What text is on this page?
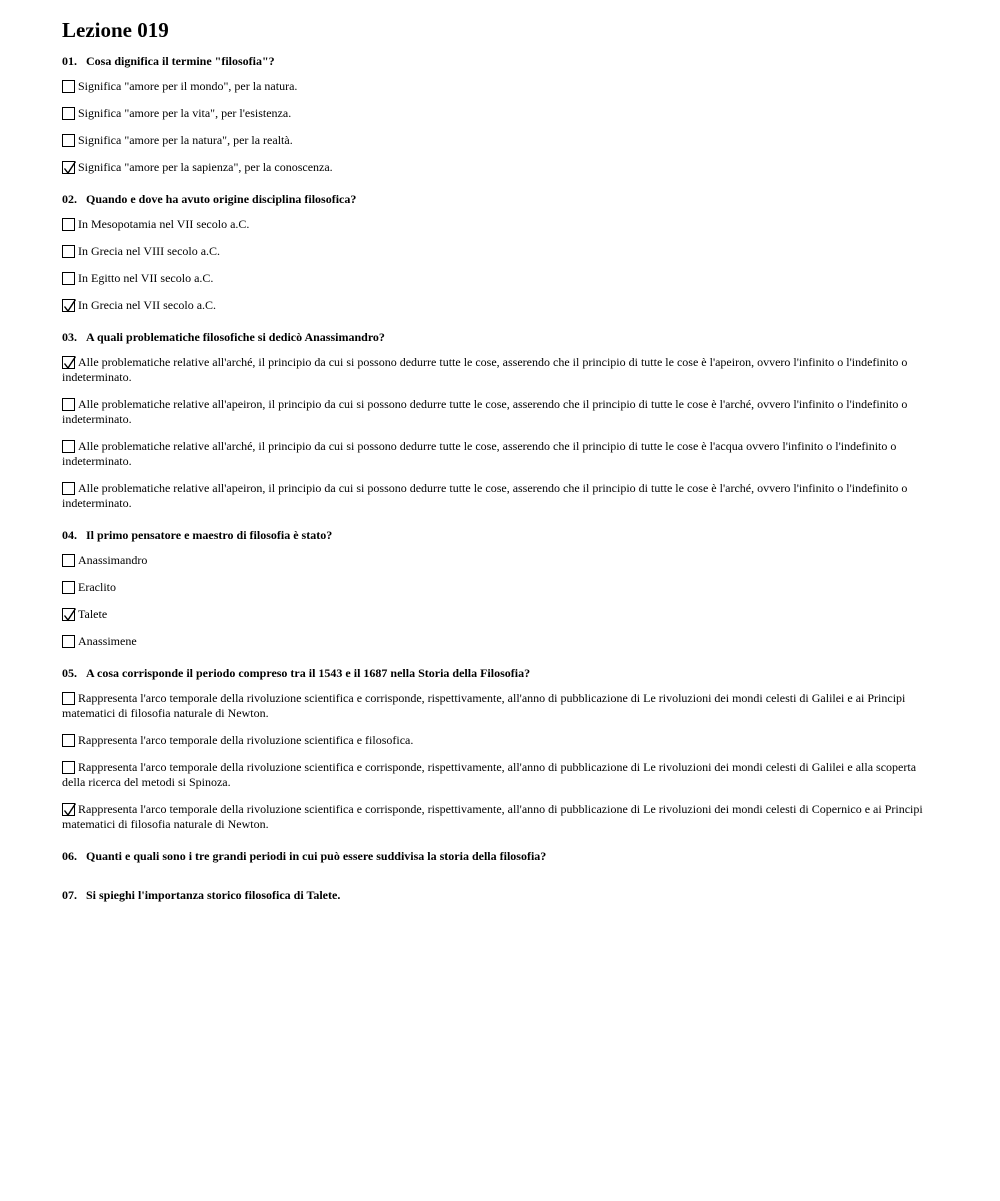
Lezione 019
01. Cosa dignifica il termine "filosofia"?
Significa "amore per il mondo", per la natura.
Significa "amore per la vita", per l'esistenza.
Significa "amore per la natura", per la realtà.
Significa "amore per la sapienza", per la conoscenza.
02. Quando e dove ha avuto origine disciplina filosofica?
In Mesopotamia nel VII secolo a.C.
In Grecia nel VIII secolo a.C.
In Egitto nel VII secolo a.C.
In Grecia nel VII secolo a.C.
03. A quali problematiche filosofiche si dedicò Anassimandro?
Alle problematiche relative all'arché, il principio da cui si possono dedurre tutte le cose, asserendo che il principio di tutte le cose è l'apeiron, ovvero l'infinito o l'indefinito o indeterminato.
Alle problematiche relative all'apeiron, il principio da cui si possono dedurre tutte le cose, asserendo che il principio di tutte le cose è l'arché, ovvero l'infinito o l'indefinito o indeterminato.
Alle problematiche relative all'arché, il principio da cui si possono dedurre tutte le cose, asserendo che il principio di tutte le cose è l'acqua ovvero l'infinito o l'indefinito o indeterminato.
Alle problematiche relative all'apeiron, il principio da cui si possono dedurre tutte le cose, asserendo che il principio di tutte le cose è l'arché, ovvero l'infinito o l'indefinito o indeterminato.
04. Il primo pensatore e maestro di filosofia è stato?
Anassimandro
Eraclito
Talete
Anassimene
05. A cosa corrisponde il periodo compreso tra il 1543 e il 1687 nella Storia della Filosofia?
Rappresenta l'arco temporale della rivoluzione scientifica e corrisponde, rispettivamente, all'anno di pubblicazione di Le rivoluzioni dei mondi celesti di Galilei e ai Principi matematici di filosofia naturale di Newton.
Rappresenta l'arco temporale della rivoluzione scientifica e filosofica.
Rappresenta l'arco temporale della rivoluzione scientifica e corrisponde, rispettivamente, all'anno di pubblicazione di Le rivoluzioni dei mondi celesti di Galilei e alla scoperta della ricerca del metodi si Spinoza.
Rappresenta l'arco temporale della rivoluzione scientifica e corrisponde, rispettivamente, all'anno di pubblicazione di Le rivoluzioni dei mondi celesti di Copernico e ai Principi matematici di filosofia naturale di Newton.
06. Quanti e quali sono i tre grandi periodi in cui può essere suddivisa la storia della filosofia?
07. Si spieghi l'importanza storico filosofica di Talete.
